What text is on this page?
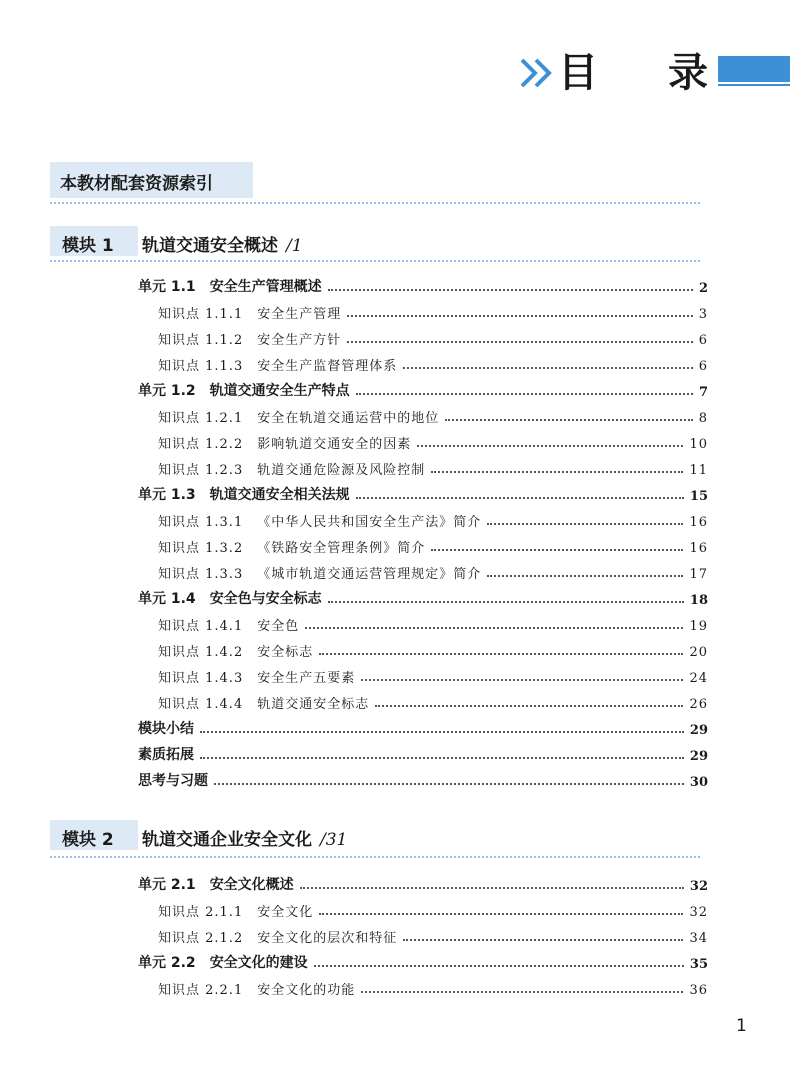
目 录
本教材配套资源索引
模块 1 轨道交通安全概述 /1
模块 2 轨道交通企业安全文化 /31
单元 1.1 安全生产管理概述	2
知识点 1.1.1 安全生产管理	3
知识点 1.1.2 安全生产方针	6
知识点 1.1.3 安全生产监督管理体系	6
单元 1.2 轨道交通安全生产特点	7
知识点 1.2.1 安全在轨道交通运营中的地位	8
知识点 1.2.2 影响轨道交通安全的因素	10
知识点 1.2.3 轨道交通危险源及风险控制	11
单元 1.3 轨道交通安全相关法规	15
知识点 1.3.1 《中华人民共和国安全生产法》简介	16
知识点 1.3.2 《铁路安全管理条例》简介	16
知识点 1.3.3 《城市轨道交通运营管理规定》简介	17
单元 1.4 安全色与安全标志	18
知识点 1.4.1 安全色	19
知识点 1.4.2 安全标志	20
知识点 1.4.3 安全生产五要素	24
知识点 1.4.4 轨道交通安全标志	26
模块小结	29
素质拓展	29
思考与习题	30
单元 2.1 安全文化概述	32
知识点 2.1.1 安全文化	32
知识点 2.1.2 安全文化的层次和特征	34
单元 2.2 安全文化的建设	35
知识点 2.2.1 安全文化的功能	36
1
